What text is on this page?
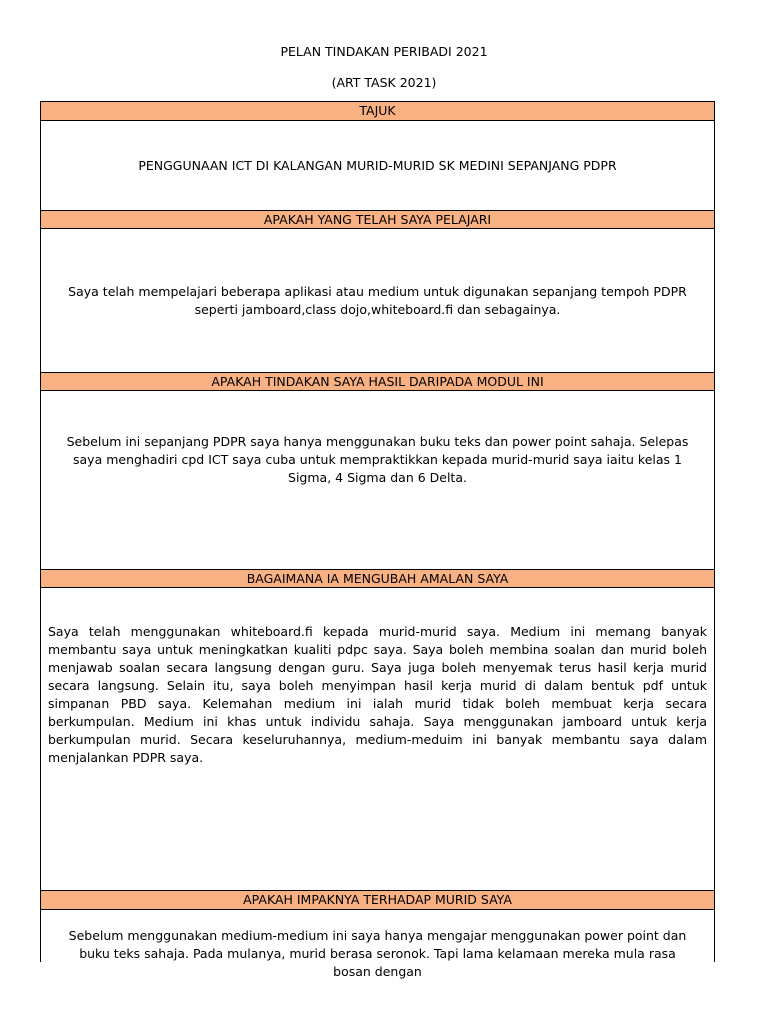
PELAN TINDAKAN PERIBADI 2021
(ART TASK 2021)
TAJUK
PENGGUNAAN ICT DI KALANGAN MURID-MURID SK MEDINI SEPANJANG PDPR
APAKAH YANG TELAH SAYA PELAJARI
Saya telah mempelajari beberapa aplikasi atau medium untuk digunakan sepanjang tempoh PDPR seperti jamboard,class dojo,whiteboard.fi dan sebagainya.
APAKAH TINDAKAN SAYA HASIL DARIPADA MODUL INI
Sebelum ini sepanjang PDPR saya hanya menggunakan buku teks dan power point sahaja. Selepas saya menghadiri cpd ICT saya cuba untuk mempraktikkan kepada murid-murid saya iaitu kelas 1 Sigma, 4 Sigma dan 6 Delta.
BAGAIMANA IA MENGUBAH AMALAN SAYA
Saya telah menggunakan whiteboard.fi kepada murid-murid saya. Medium ini memang banyak membantu saya untuk meningkatkan kualiti pdpc saya. Saya boleh membina soalan dan murid boleh menjawab soalan secara langsung dengan guru. Saya juga boleh menyemak terus hasil kerja murid secara langsung. Selain itu, saya boleh menyimpan hasil kerja murid di dalam bentuk pdf untuk simpanan PBD saya. Kelemahan medium ini ialah murid tidak boleh membuat kerja secara berkumpulan. Medium ini khas untuk individu sahaja. Saya menggunakan jamboard untuk kerja berkumpulan murid. Secara keseluruhannya, medium-meduim ini banyak membantu saya dalam menjalankan PDPR saya.
APAKAH IMPAKNYA TERHADAP MURID SAYA
Sebelum menggunakan medium-medium ini saya hanya mengajar menggunakan power point dan buku teks sahaja. Pada mulanya, murid berasa seronok. Tapi lama kelamaan mereka mula rasa bosan dengan
